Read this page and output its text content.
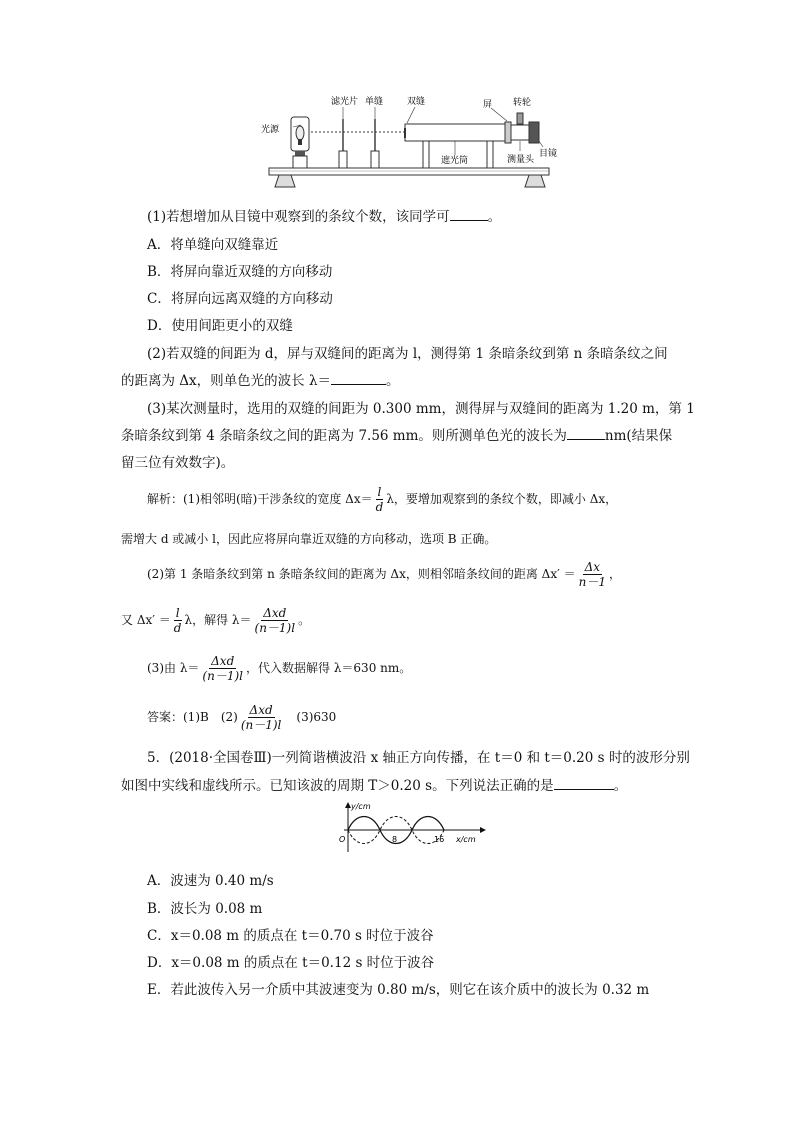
光源
滤光片 单缝	双缝	屏 转轮
遮光筒	测量头
目镜
(1)若想增加从目镜中观察到的条纹个数，该同学可	。
A．将单缝向双缝靠近
B．将屏向靠近双缝的方向移动
C．将屏向远离双缝的方向移动
D．使用间距更小的双缝
(2)若双缝的间距为 d，屏与双缝间的距离为 l，测得第 1 条暗条纹到第 n 条暗条纹之间
的距离为 Δx，则单色光的波长 λ＝	。
(3)某次测量时，选用的双缝的间距为 0.300 mm，测得屏与双缝间的距离为 1.20 m，第 1
条暗条纹到第 4 条暗条纹之间的距离为 7.56 mm。则所测单色光的波长为	nm(结果保
留三位有效数字)。
解析：(1)相邻明(暗)干涉条纹的宽度 $\Delta x= \frac{l}{d}$ λ，要增加观察到的条纹个数，即减小 Δx，
需增大 d 或减小 l，因此应将屏向靠近双缝的方向移动，选项 B 正确。
(2)第 1 条暗条纹到第 n 条暗条纹间的距离为 Δx，则相邻暗条纹间的距离 $\Delta x' = \frac{\Delta x}{n-1}$ ，
又 $\Delta x' = \frac{l}{d}$ λ，解得 $\lambda= \frac{\text{Δxd}}{(n-1)l}$ 。
(3)由 $\lambda= \frac{\text{Δxd}}{(n-1)l}$ ，代入数据解得 λ＝630 nm。
答案：(1)B　$(2) \frac{\text{Δxd}}{(n-1)l}$ 　(3)630
5．(2018·全国卷Ⅲ)一列简谐横波沿 x 轴正方向传播，在 t＝0 和 t＝0.20 s 时的波形分别
如图中实线和虚线所示。已知该波的周期 T＞0.20 s。下列说法正确的是	。
y/cm
O	8	16 x/cm
A．波速为 0.40 m/s
B．波长为 0.08 m
C．x＝0.08 m 的质点在 t＝0.70 s 时位于波谷
D．x＝0.08 m 的质点在 t＝0.12 s 时位于波谷
E．若此波传入另一介质中其波速变为 0.80 m/s，则它在该介质中的波长为 0.32 m
